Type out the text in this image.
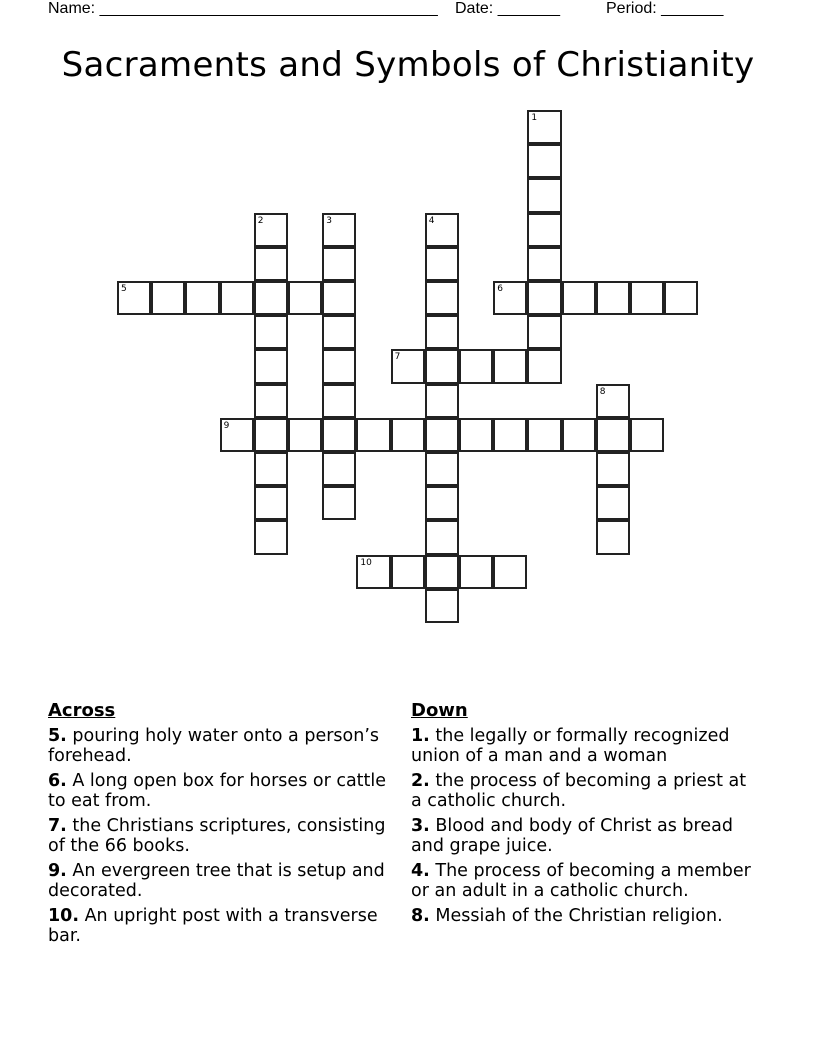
Name: ______________________________________

Date: _______

	Period: _______

Sacraments and Symbols of Christianity
1
2	3	4
5	6
7
8
9
10
Across
5. pouring holy water onto a person’s forehead.
6. A long open box for horses or cattle to eat from.
7. the Christians scriptures, consisting of the 66 books.
9. An evergreen tree that is setup and decorated.
10. An upright post with a transverse bar.
Down
1. the legally or formally recognized union of a man and a woman
2. the process of becoming a priest at a catholic church.
3. Blood and body of Christ as bread and grape juice.
4. The process of becoming a member or an adult in a catholic church.
8. Messiah of the Christian religion.
